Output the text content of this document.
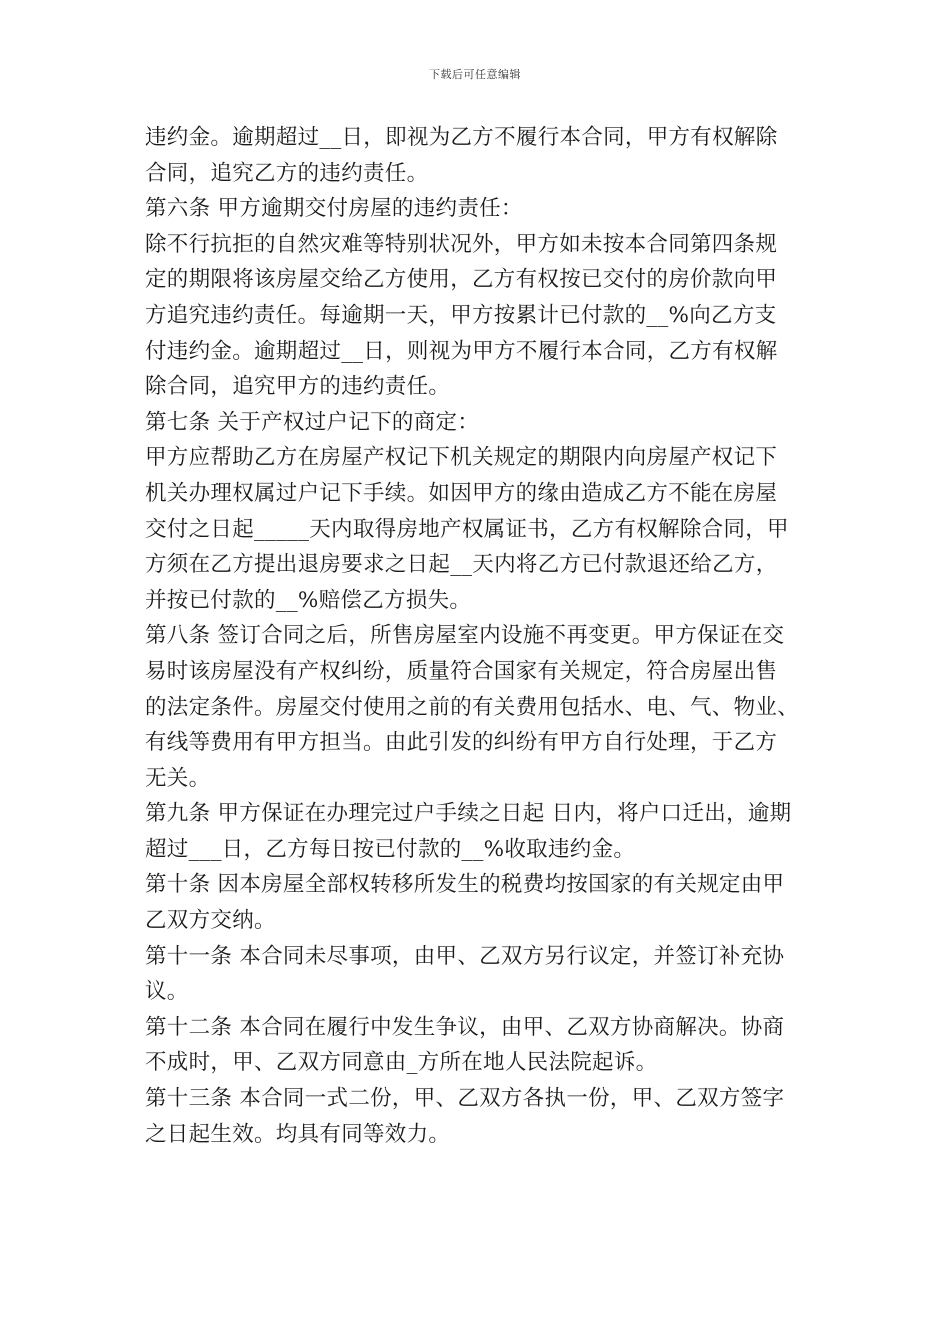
下载后可任意编辑
违约金。逾期超过__日，即视为乙方不履行本合同，甲方有权解除
合同，追究乙方的违约责任。
第六条 甲方逾期交付房屋的违约责任：
除不行抗拒的自然灾难等特别状况外，甲方如未按本合同第四条规
定的期限将该房屋交给乙方使用，乙方有权按已交付的房价款向甲
方追究违约责任。每逾期一天，甲方按累计已付款的__%向乙方支
付违约金。逾期超过__日，则视为甲方不履行本合同，乙方有权解
除合同，追究甲方的违约责任。
第七条 关于产权过户记下的商定：
甲方应帮助乙方在房屋产权记下机关规定的期限内向房屋产权记下
机关办理权属过户记下手续。如因甲方的缘由造成乙方不能在房屋
交付之日起_____天内取得房地产权属证书，乙方有权解除合同，甲
方须在乙方提出退房要求之日起__天内将乙方已付款退还给乙方，
并按已付款的__%赔偿乙方损失。
第八条 签订合同之后，所售房屋室内设施不再变更。甲方保证在交
易时该房屋没有产权纠纷，质量符合国家有关规定，符合房屋出售
的法定条件。房屋交付使用之前的有关费用包括水、电、气、物业、
有线等费用有甲方担当。由此引发的纠纷有甲方自行处理，于乙方
无关。
第九条 甲方保证在办理完过户手续之日起 日内，将户口迁出，逾期
超过___日，乙方每日按已付款的__%收取违约金。
第十条 因本房屋全部权转移所发生的税费均按国家的有关规定由甲
乙双方交纳。
第十一条 本合同未尽事项，由甲、乙双方另行议定，并签订补充协
议。
第十二条 本合同在履行中发生争议，由甲、乙双方协商解决。协商
不成时，甲、乙双方同意由_方所在地人民法院起诉。
第十三条 本合同一式二份，甲、乙双方各执一份，甲、乙双方签字
之日起生效。均具有同等效力。
